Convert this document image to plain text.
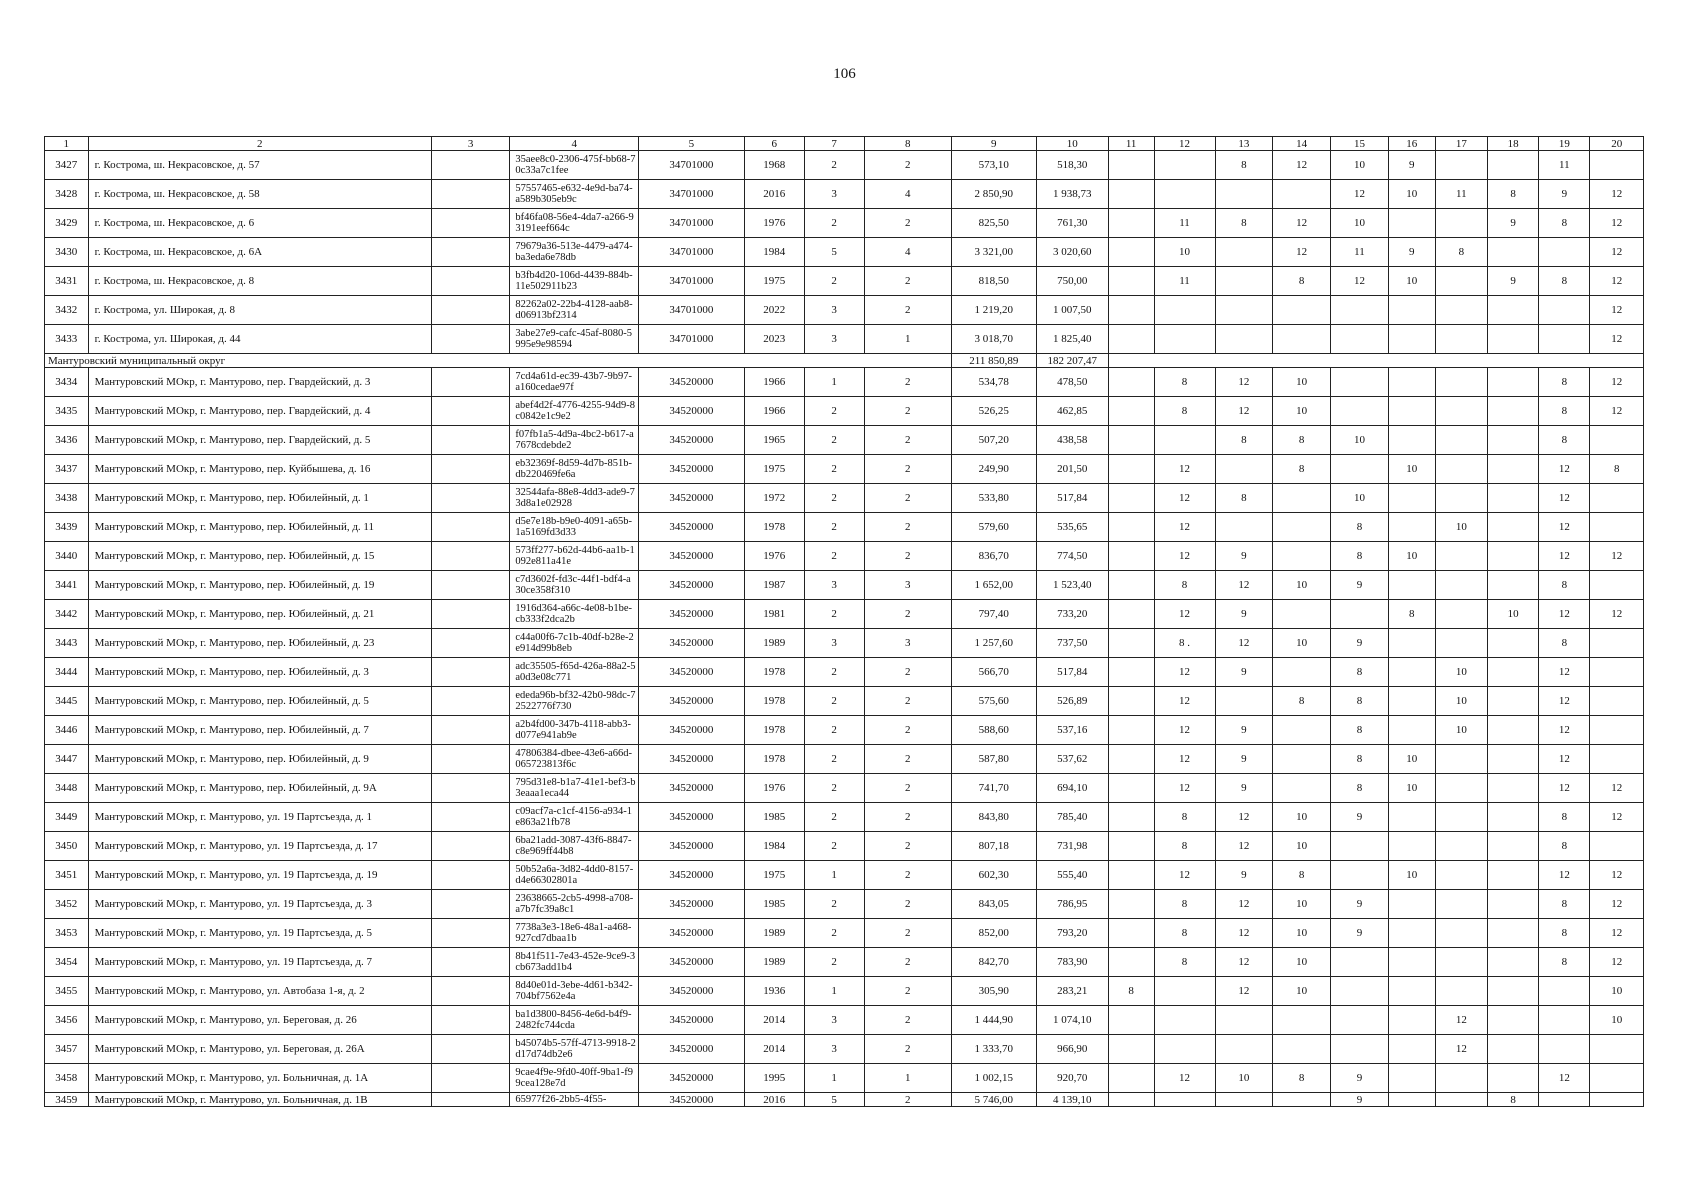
106
1	2	3	4	5	6	7	8	9	10	11	12	13	14	15	16	17	18	19	20
3427	г. Кострома, ш. Некрасовское, д. 57		35aee8c0-2306-475f-bb68-70c33a7c1fee	34701000	1968	2	2	573,10	518,30			8	12	10	9			11	
3428	г. Кострома, ш. Некрасовское, д. 58		57557465-e632-4e9d-ba74-a589b305eb9c	34701000	2016	3	4	2 850,90	1 938,73					12	10	11	8	9	12
3429	г. Кострома, ш. Некрасовское, д. 6		bf46fa08-56e4-4da7-a266-93191eef664c	34701000	1976	2	2	825,50	761,30		11	8	12	10			9	8	12
3430	г. Кострома, ш. Некрасовское, д. 6А		79679a36-513e-4479-a474-ba3eda6e78db	34701000	1984	5	4	3 321,00	3 020,60		10		12	11	9	8			12
3431	г. Кострома, ш. Некрасовское, д. 8		b3fb4d20-106d-4439-884b-11e502911b23	34701000	1975	2	2	818,50	750,00		11		8	12	10		9	8	12
3432	г. Кострома, ул. Широкая, д. 8		82262a02-22b4-4128-aab8-d06913bf2314	34701000	2022	3	2	1 219,20	1 007,50										12
3433	г. Кострома, ул. Широкая, д. 44		3abe27e9-cafc-45af-8080-5995e9e98594	34701000	2023	3	1	3 018,70	1 825,40										12
Мантуровский муниципальный округ								211 850,89	182 207,47										
3434	Мантуровский МОкр, г. Мантурово, пер. Гвардейский, д. 3		7cd4a61d-ec39-43b7-9b97-a160cedae97f	34520000	1966	1	2	534,78	478,50		8	12	10					8	12
3435	Мантуровский МОкр, г. Мантурово, пер. Гвардейский, д. 4		abef4d2f-4776-4255-94d9-8c0842e1c9e2	34520000	1966	2	2	526,25	462,85		8	12	10					8	12
3436	Мантуровский МОкр, г. Мантурово, пер. Гвардейский, д. 5		f07fb1a5-4d9a-4bc2-b617-a7678cdebde2	34520000	1965	2	2	507,20	438,58			8	8	10				8	
3437	Мантуровский МОкр, г. Мантурово, пер. Куйбышева, д. 16		eb32369f-8d59-4d7b-851b-db220469fe6a	34520000	1975	2	2	249,90	201,50		12		8		10			12	8
3438	Мантуровский МОкр, г. Мантурово, пер. Юбилейный, д. 1		32544afa-88e8-4dd3-ade9-73d8a1e02928	34520000	1972	2	2	533,80	517,84		12	8		10				12	
3439	Мантуровский МОкр, г. Мантурово, пер. Юбилейный, д. 11		d5e7e18b-b9e0-4091-a65b-1a5169fd3d33	34520000	1978	2	2	579,60	535,65		12			8		10		12	
3440	Мантуровский МОкр, г. Мантурово, пер. Юбилейный, д. 15		573ff277-b62d-44b6-aa1b-1092e811a41e	34520000	1976	2	2	836,70	774,50		12	9		8	10			12	12
3441	Мантуровский МОкр, г. Мантурово, пер. Юбилейный, д. 19		c7d3602f-fd3c-44f1-bdf4-a30ce358f310	34520000	1987	3	3	1 652,00	1 523,40		8	12	10	9				8	
3442	Мантуровский МОкр, г. Мантурово, пер. Юбилейный, д. 21		1916d364-a66c-4e08-b1be-cb333f2dca2b	34520000	1981	2	2	797,40	733,20		12	9			8		10	12	12
3443	Мантуровский МОкр, г. Мантурово, пер. Юбилейный, д. 23		c44a00f6-7c1b-40df-b28e-2e914d99b8eb	34520000	1989	3	3	1 257,60	737,50		8 .	12	10	9				8	
3444	Мантуровский МОкр, г. Мантурово, пер. Юбилейный, д. 3		adc35505-f65d-426a-88a2-5a0d3e08c771	34520000	1978	2	2	566,70	517,84		12	9		8		10		12	
3445	Мантуровский МОкр, г. Мантурово, пер. Юбилейный, д. 5		ededa96b-bf32-42b0-98dc-72522776f730	34520000	1978	2	2	575,60	526,89		12		8	8		10		12	
3446	Мантуровский МОкр, г. Мантурово, пер. Юбилейный, д. 7		a2b4fd00-347b-4118-abb3-d077e941ab9e	34520000	1978	2	2	588,60	537,16		12	9		8		10		12	
3447	Мантуровский МОкр, г. Мантурово, пер. Юбилейный, д. 9		47806384-dbee-43e6-a66d-065723813f6c	34520000	1978	2	2	587,80	537,62		12	9		8	10			12	
3448	Мантуровский МОкр, г. Мантурово, пер. Юбилейный, д. 9А		795d31e8-b1a7-41e1-bef3-b3eaaa1eca44	34520000	1976	2	2	741,70	694,10		12	9		8	10			12	12
3449	Мантуровский МОкр, г. Мантурово, ул. 19 Партсъезда, д. 1		c09acf7a-c1cf-4156-a934-1e863a21fb78	34520000	1985	2	2	843,80	785,40		8	12	10	9				8	12
3450	Мантуровский МОкр, г. Мантурово, ул. 19 Партсъезда, д. 17		6ba21add-3087-43f6-8847-c8e969ff44b8	34520000	1984	2	2	807,18	731,98		8	12	10					8	
3451	Мантуровский МОкр, г. Мантурово, ул. 19 Партсъезда, д. 19		50b52a6a-3d82-4dd0-8157-d4e66302801a	34520000	1975	1	2	602,30	555,40		12	9	8		10			12	12
3452	Мантуровский МОкр, г. Мантурово, ул. 19 Партсъезда, д. 3		23638665-2cb5-4998-a708-a7b7fc39a8c1	34520000	1985	2	2	843,05	786,95		8	12	10	9				8	12
3453	Мантуровский МОкр, г. Мантурово, ул. 19 Партсъезда, д. 5		7738a3e3-18e6-48a1-a468-927cd7dbaa1b	34520000	1989	2	2	852,00	793,20		8	12	10	9				8	12
3454	Мантуровский МОкр, г. Мантурово, ул. 19 Партсъезда, д. 7		8b41f511-7e43-452e-9ce9-3cb673add1b4	34520000	1989	2	2	842,70	783,90		8	12	10					8	12
3455	Мантуровский МОкр, г. Мантурово, ул. Автобаза 1-я, д. 2		8d40e01d-3ebe-4d61-b342-704bf7562e4a	34520000	1936	1	2	305,90	283,21	8		12	10						10
3456	Мантуровский МОкр, г. Мантурово, ул. Береговая, д. 26		ba1d3800-8456-4e6d-b4f9-2482fc744cda	34520000	2014	3	2	1 444,90	1 074,10							12			10
3457	Мантуровский МОкр, г. Мантурово, ул. Береговая, д. 26А		b45074b5-57ff-4713-9918-2d17d74db2e6	34520000	2014	3	2	1 333,70	966,90							12			
3458	Мантуровский МОкр, г. Мантурово, ул. Больничная, д. 1А		9cae4f9e-9fd0-40ff-9ba1-f99cea128e7d	34520000	1995	1	1	1 002,15	920,70		12	10	8	9				12	
3459	Мантуровский МОкр, г. Мантурово, ул. Больничная, д. 1В		65977f26-2bb5-4f55-	34520000	2016	5	2	5 746,00	4 139,10					9			8		
